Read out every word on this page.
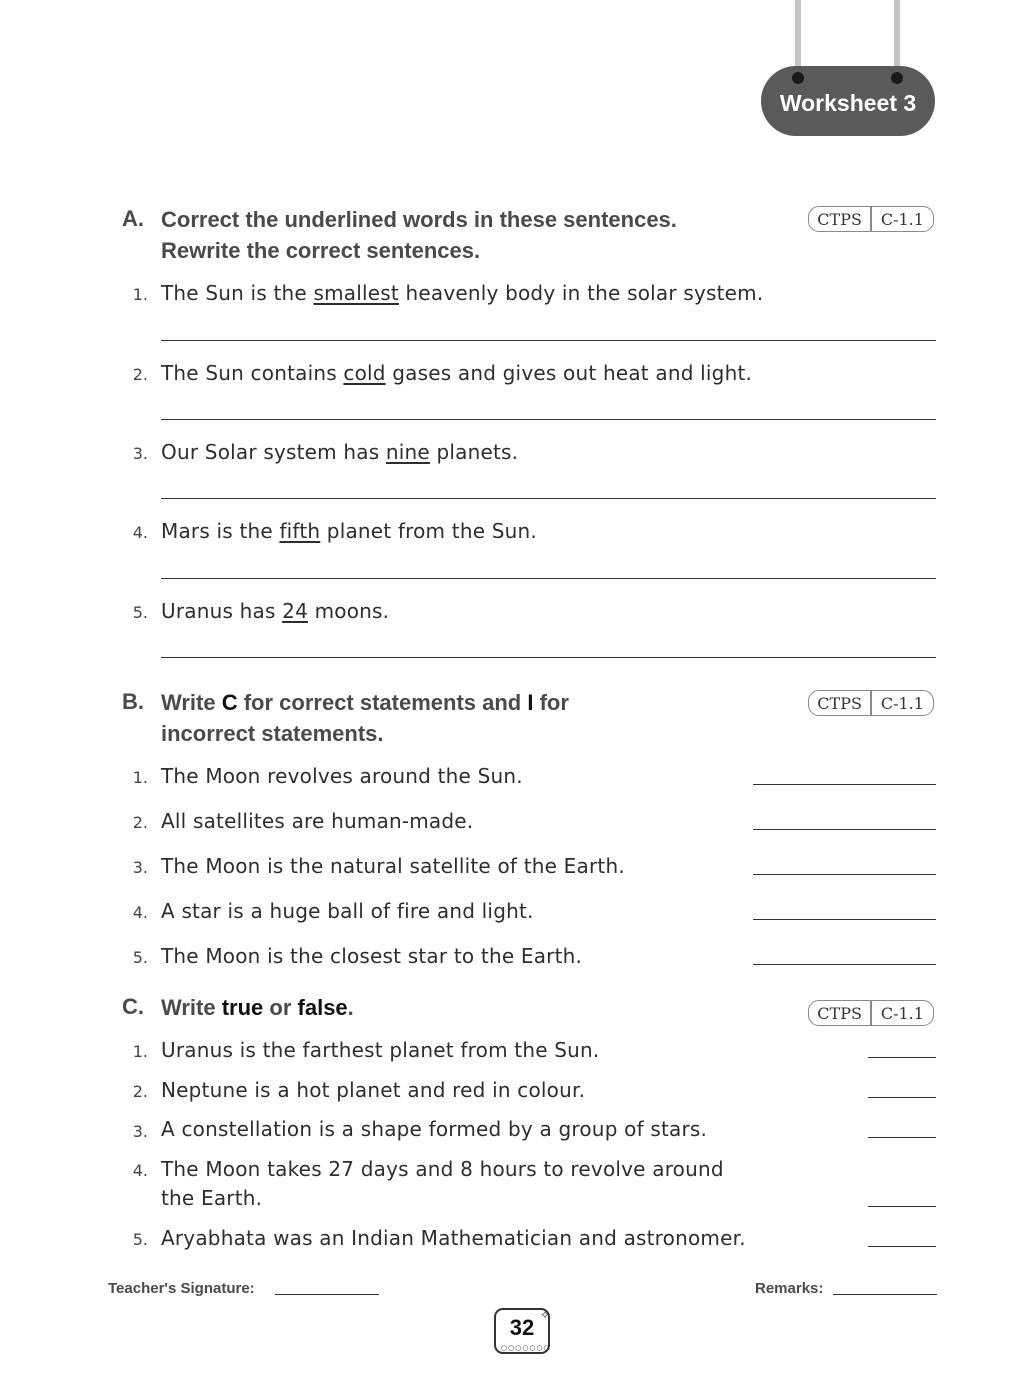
Worksheet 3
A. Correct the underlined words in these sentences.
Rewrite the correct sentences.
CTPS	C-1.1
1. The Sun is the smallest heavenly body in the solar system.
2. The Sun contains cold gases and gives out heat and light.
3. Our Solar system has nine planets.
4. Mars is the fifth planet from the Sun.
5. Uranus has 24 moons.
B. Write C for correct statements and I for
incorrect statements.
CTPS	C-1.1
1. The Moon revolves around the Sun.
2. All satellites are human-made.
3. The Moon is the natural satellite of the Earth.
4. A star is a huge ball of fire and light.
5. The Moon is the closest star to the Earth.
C. Write true or false.	CTPS	C-1.1
1. Uranus is the farthest planet from the Sun.
2. Neptune is a hot planet and red in colour.
3. A constellation is a shape formed by a group of stars.
4. The Moon takes 27 days and 8 hours to revolve around
the Earth.
5. Aryabhata was an Indian Mathematician and astronomer.
Teacher's Signature:	Remarks:
32
○○○○○○○
✧
